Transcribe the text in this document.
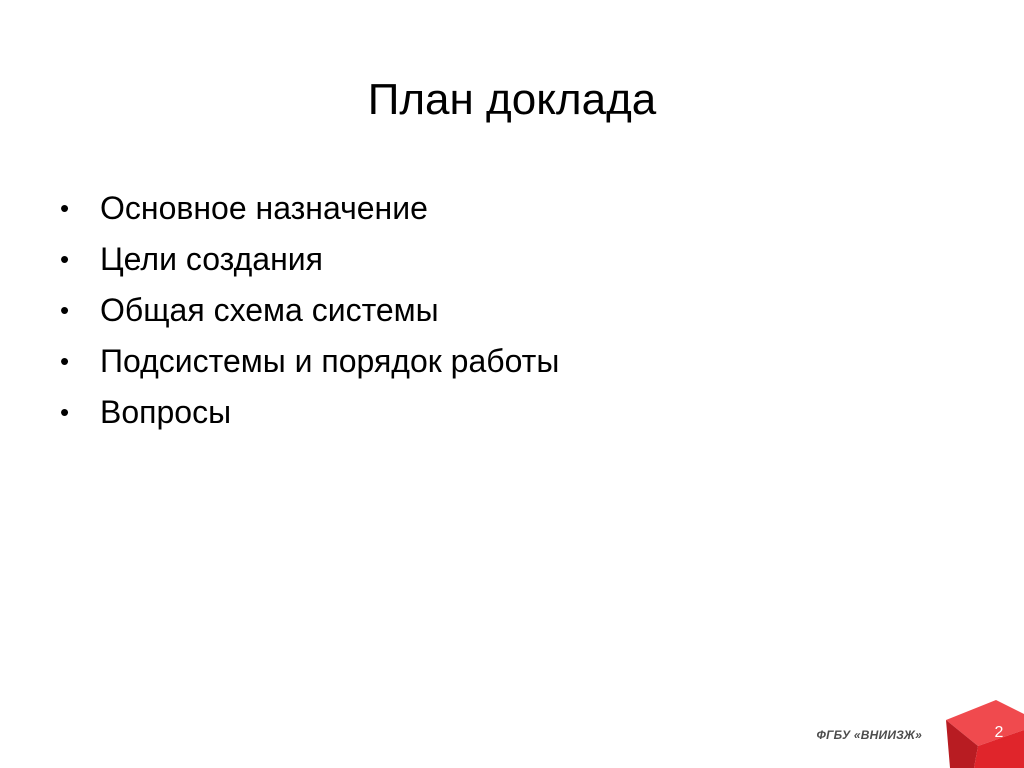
План доклада
• Основное назначение
• Цели создания
• Общая схема системы
• Подсистемы и порядок работы
• Вопросы
ФГБУ «ВНИИЗЖ»	2
